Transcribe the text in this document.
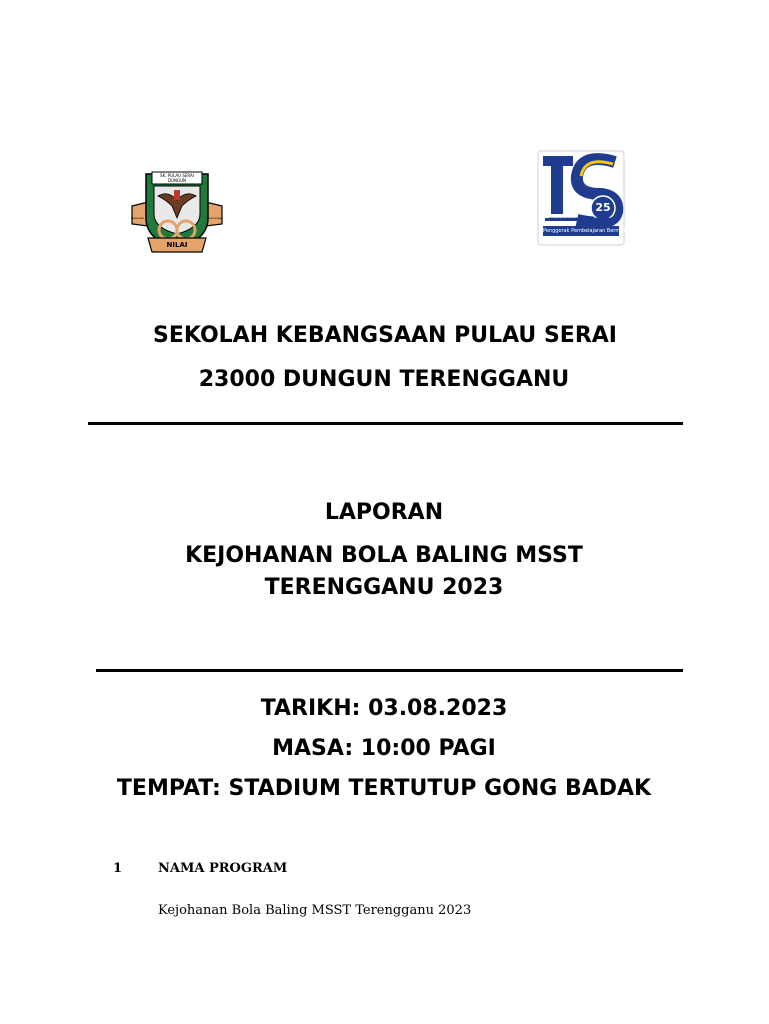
25
PROGRAM TRANSFORMASI SEKOLAH 2025
Penggerak Pembelajaran Bermakna
SK. PULAU SERAI DUNGUN
NILAI
KEBERSIHAN	KESEMPURNAAN
SEKOLAH KEBANGSAAN PULAU SERAI
23000 DUNGUN TERENGGANU
LAPORAN
KEJOHANAN BOLA BALING MSST
TERENGGANU 2023
TARIKH: 03.08.2023
MASA: 10:00 PAGI
TEMPAT: STADIUM TERTUTUP GONG BADAK
1	NAMA PROGRAM
Kejohanan Bola Baling MSST Terengganu 2023
